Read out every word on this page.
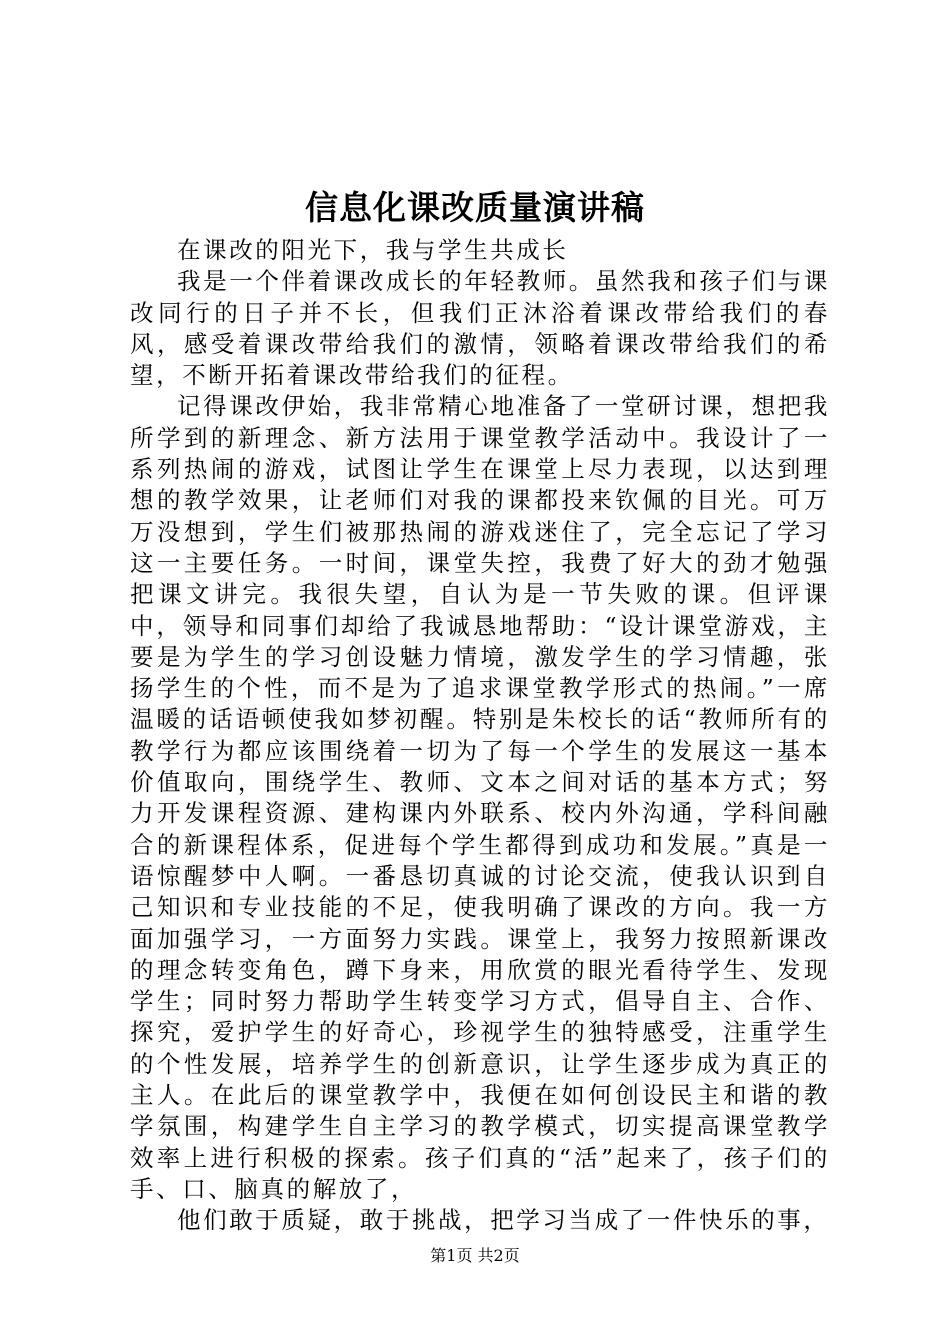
信息化课改质量演讲稿

在课改的阳光下，我与学生共成长

我是一个伴着课改成长的年轻教师。虽然我和孩子们与课改同行的日子并不长，但我们正沐浴着课改带给我们的春风，感受着课改带给我们的激情，领略着课改带给我们的希望，不断开拓着课改带给我们的征程。

记得课改伊始，我非常精心地准备了一堂研讨课，想把我所学到的新理念、新方法用于课堂教学活动中。我设计了一系列热闹的游戏，试图让学生在课堂上尽力表现，以达到理想的教学效果，让老师们对我的课都投来钦佩的目光。可万万没想到，学生们被那热闹的游戏迷住了，完全忘记了学习这一主要任务。一时间，课堂失控，我费了好大的劲才勉强把课文讲完。我很失望，自认为是一节失败的课。但评课中，领导和同事们却给了我诚恳地帮助：“设计课堂游戏，主要是为学生的学习创设魅力情境，激发学生的学习情趣，张扬学生的个性，而不是为了追求课堂教学形式的热闹。”一席温暖的话语顿使我如梦初醒。特别是朱校长的话“教师所有的教学行为都应该围绕着一切为了每一个学生的发展这一基本价值取向，围绕学生、教师、文本之间对话的基本方式；努力开发课程资源、建构课内外联系、校内外沟通，学科间融合的新课程体系，促进每个学生都得到成功和发展。”真是一语惊醒梦中人啊。一番恳切真诚的讨论交流，使我认识到自己知识和专业技能的不足，使我明确了课改的方向。我一方面加强学习，一方面努力实践。课堂上，我努力按照新课改的理念转变角色，蹲下身来，用欣赏的眼光看待学生、发现学生；同时努力帮助学生转变学习方式，倡导自主、合作、探究，爱护学生的好奇心，珍视学生的独特感受，注重学生的个性发展，培养学生的创新意识，让学生逐步成为真正的主人。在此后的课堂教学中，我便在如何创设民主和谐的教学氛围，构建学生自主学习的教学模式，切实提高课堂教学效率上进行积极的探索。孩子们真的“活”起来了，孩子们的手、口、脑真的解放了，

他们敢于质疑，敢于挑战，把学习当成了一件快乐的事，

第1页 共2页
